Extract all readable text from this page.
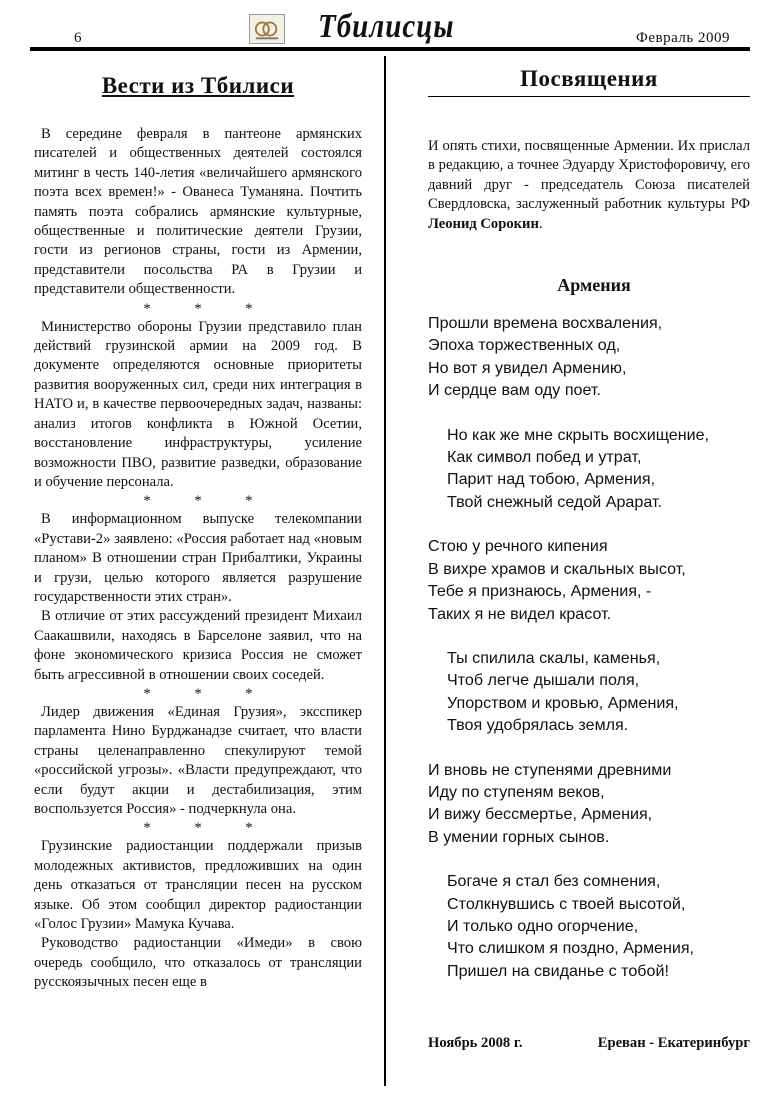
6	Тбилисцы	Февраль 2009
Вести из Тбилиси

В середине февраля в пантеоне армянских писателей и общественных деятелей состоялся митинг в честь 140-летия «величайшего армянского поэта всех времен!» - Ованеса Туманяна. Почтить память поэта собрались армянские культурные, общественные и политические деятели Грузии, гости из регионов страны, гости из Армении, представители посольства РА в Грузии и представители общественности.

* * *

Министерство обороны Грузии представило план действий грузинской армии на 2009 год. В документе определяются основные приоритеты развития вооруженных сил, среди них интеграция в НАТО и, в качестве первоочередных задач, названы: анализ итогов конфликта в Южной Осетии, восстановление инфраструктуры, усиление возможности ПВО, развитие разведки, образование и обучение персонала.

* * *

В информационном выпуске телекомпании «Рустави-2» заявлено: «Россия работает над «новым планом» В отношении стран Прибалтики, Украины и грузи, целью которого является разрушение государственности этих стран».

В отличие от этих рассуждений президент Михаил Саакашвили, находясь в Барселоне заявил, что на фоне экономического кризиса Россия не сможет быть агрессивной в отношении своих соседей.

* * *

Лидер движения «Единая Грузия», эксспикер парламента Нино Бурджанадзе считает, что власти страны целенаправленно спекулируют темой «российской угрозы». «Власти предупреждают, что если будут акции и дестабилизация, этим воспользуется Россия» - подчеркнула она.

* * *

Грузинские радиостанции поддержали призыв молодежных активистов, предложивших на один день отказаться от трансляции песен на русском языке. Об этом сообщил директор радиостанции «Голос Грузии» Мамука Кучава.

Руководство радиостанции «Имеди» в свою очередь сообщило, что отказалось от трансляции русскоязычных песен еще в

Посвящения

И опять стихи, посвященные Армении. Их прислал в редакцию, а точнее Эдуарду Христофоровичу, его давний друг - председатель Союза писателей Свердловска, заслуженный работник культуры РФ Леонид Сорокин.

Армения
Прошли времена восхваления,
Эпоха торжественных од,
Но вот я увидел Армению,
И сердце вам оду поет.
Но как же мне скрыть восхищение,
Как символ побед и утрат,
Парит над тобою, Армения,
Твой снежный седой Арарат.
Стою у речного кипения
В вихре храмов и скальных высот,
Тебе я признаюсь, Армения, -
Таких я не видел красот.
Ты спилила скалы, каменья,
Чтоб легче дышали поля,
Упорством и кровью, Армения,
Твоя удобрялась земля.
И вновь не ступенями древними
Иду по ступеням веков,
И вижу бессмертье, Армения,
В умении горных сынов.
Богаче я стал без сомнения,
Столкнувшись с твоей высотой,
И только одно огорчение,
Что слишком я поздно, Армения,
Пришел на свиданье с тобой!
Ноябрь 2008 г.	Ереван - Екатеринбург
